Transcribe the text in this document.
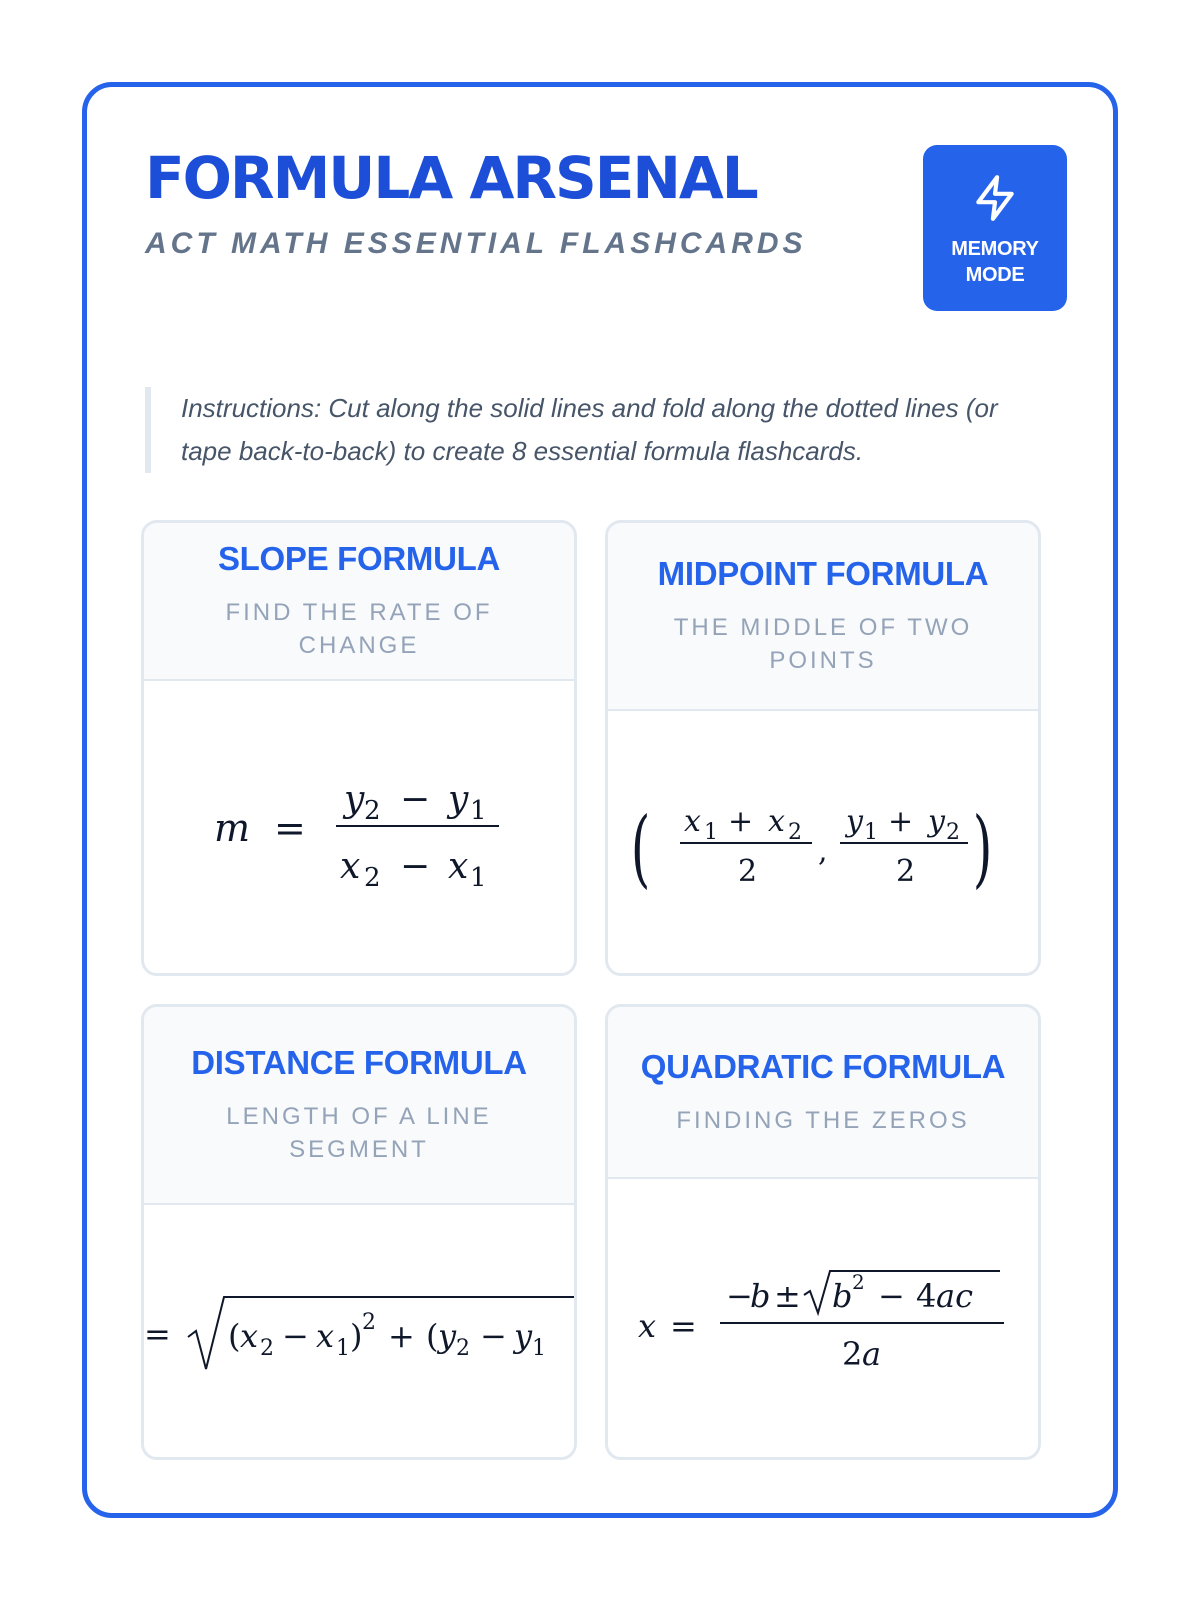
FORMULA ARSENAL
ACT MATH ESSENTIAL FLASHCARDS	MEMORY MODE
Instructions: Cut along the solid lines and fold along the dotted lines (or tape back-to-back) to create 8 essential formula flashcards.
SLOPE FORMULA
FIND THE RATE OF CHANGE
m =
y 2 − y 1
x 2 − x 1
MIDPOINT FORMULA
THE MIDDLE OF TWO POINTS
( x 1 + x 2
2
,
y 1 + y 2
2 )
DISTANCE FORMULA
LENGTH OF A LINE SEGMENT
= ( x 2 − x 1 ) 2 + ( y 2 − y 1
QUADRATIC FORMULA
FINDING THE ZEROS
x =
−
b ± b 2 − 4 ac
2 a
